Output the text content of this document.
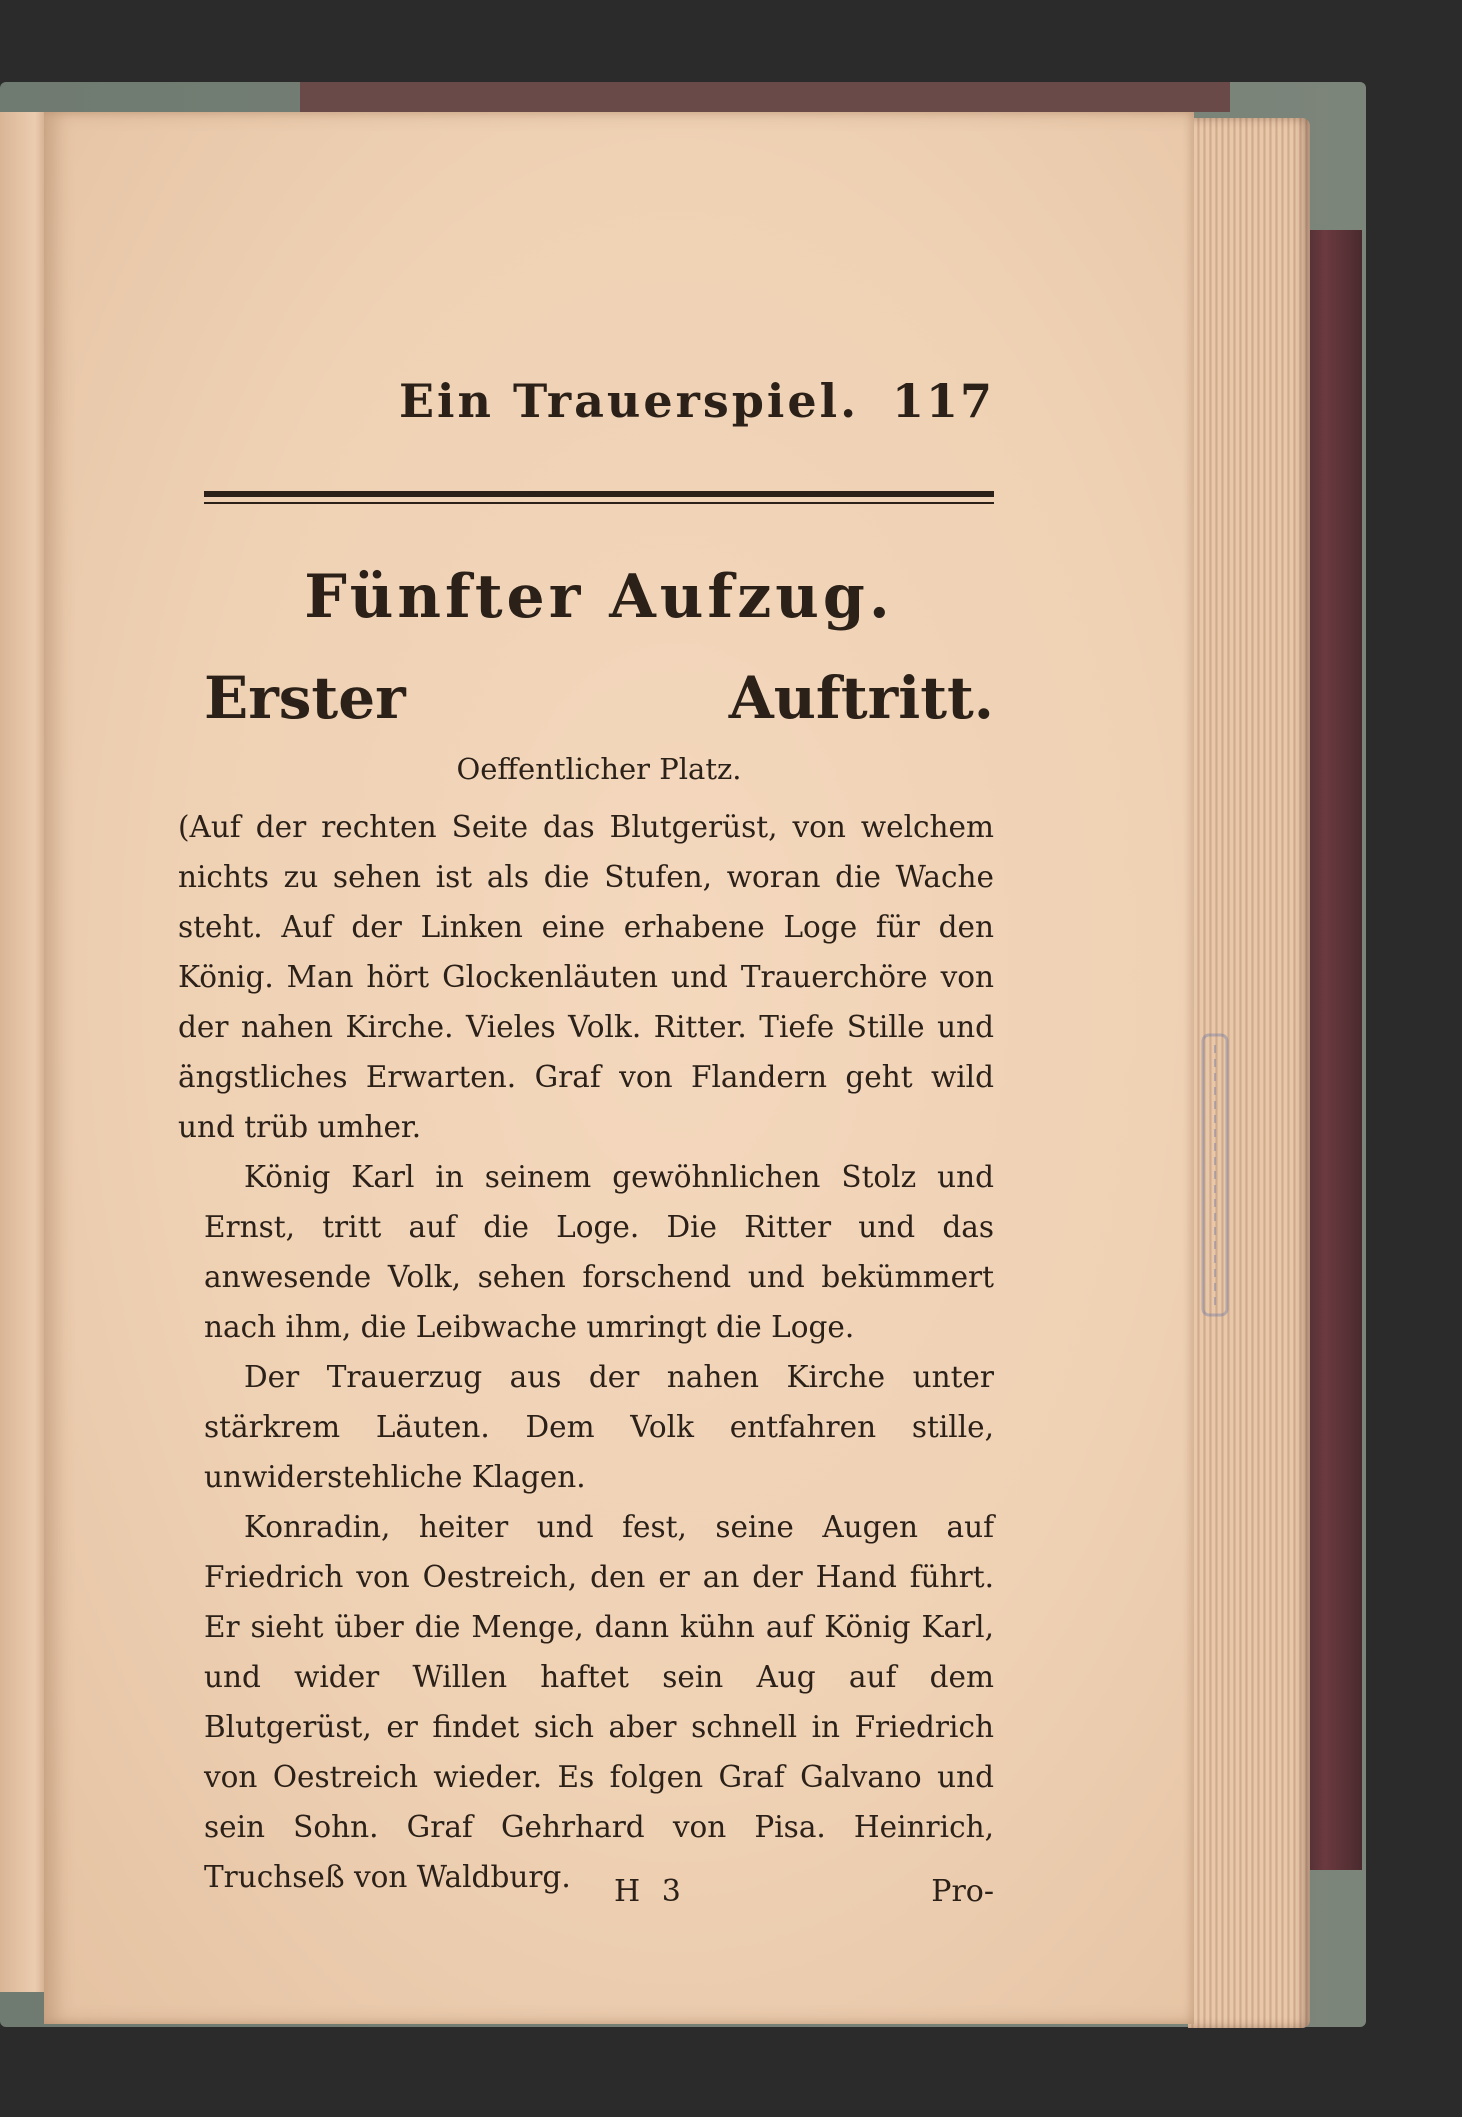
Ein Trauerspiel. 117
Fünfter Aufzug.
Erster Auftritt.
Oeffentlicher Platz.
(Auf der rechten Seite das Blutgerüst, von welchem nichts zu sehen ist als die Stufen, woran die Wache steht. Auf der Linken eine erhabene Loge für den König. Man hört Glockenläuten und Trauerchöre von der nahen Kirche. Vieles Volk. Ritter. Tiefe Stille und ängstliches Erwarten. Graf von Flandern geht wild und trüb umher.
König Karl in seinem gewöhnlichen Stolz und Ernst, tritt auf die Loge. Die Ritter und das anwesende Volk, sehen forschend und bekümmert nach ihm, die Leibwache umringt die Loge.
Der Trauerzug aus der nahen Kirche unter stärkrem Läuten. Dem Volk entfahren stille, unwiderstehliche Klagen.
Konradin, heiter und fest, seine Augen auf Friedrich von Oestreich, den er an der Hand führt. Er sieht über die Menge, dann kühn auf König Karl, und wider Willen haftet sein Aug auf dem Blutgerüst, er findet sich aber schnell in Friedrich von Oestreich wieder. Es folgen Graf Galvano und sein Sohn. Graf Gehrhard von Pisa. Heinrich, Truchseß von Waldburg.	H 3	Pro-
